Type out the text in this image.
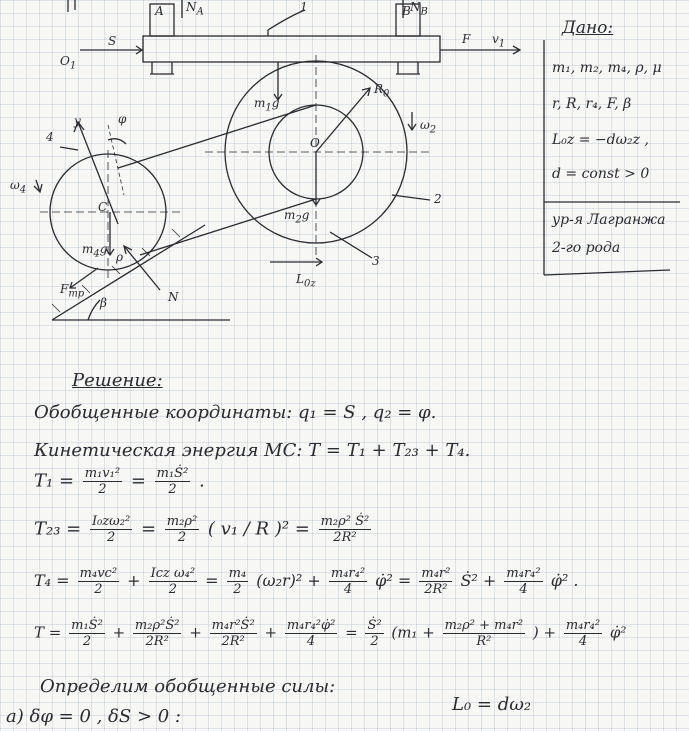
A $N_A$	B $N_B$
1
$O_1$
S	F $v_1$
$R_0$
$m_1g$
$\omega_2$
φ
O
2
3
$m_2g$
$L_{0z}$
4
y
$\omega_4$
C
$m_4g$
ρ
$F_{тр}$
β	N
Дано:
m₁, m₂, m₄, ρ, μ
r, R, r₄, F, β
L₀z = −dω₂z ,
d = const > 0
ур-я Лагранжа
2-го рода
Решение:
Обобщенные координаты: q₁ = S , q₂ = φ.
Кинетическая энергия МС: T = T₁ + T₂₃ + T₄.
$T_1 = \frac{\text{m₁v₁²}}{2} = \frac{\text{m₁Ṡ²}}{2}$ .
$T_{23} = \frac{\text{I₀zω₂²}}{2} = \frac{\text{m₂ρ²}}{2}$ ( v₁ / R )$^2 = \frac{\text{m₂ρ² Ṡ²}}{\text{2R²}}$
$T_4 = \frac{\text{m₄vc²}}{2} + \frac{\text{Icz ω₄²}}{2} = \frac{\text{m₄}}{2} (\omega_2r)^2 + \frac{\text{m₄r₄²}}{4}$ φ̇² = $\frac{\text{m₄r²}}{\text{2R²}}$ Ṡ² + $\frac{\text{m₄r₄²}}{4}$ φ̇² .
$T = \frac{\text{m₁Ṡ²}}{2} + \frac{\text{m₂ρ²Ṡ²}}{\text{2R²}} + \frac{\text{m₄r²Ṡ²}}{\text{2R²}} + \frac{\text{m₄r₄²φ̇²}}{4} = \frac{\text{Ṡ²}}{2} (m_1 + \frac{\text{m₂ρ² + m₄r²}}{\text{R²}}$ ) + $\frac{\text{m₄r₄²}}{4}$ φ̇²
Определим обобщенные силы:
а) δφ = 0 , δS > 0 :
L₀ = dω₂
